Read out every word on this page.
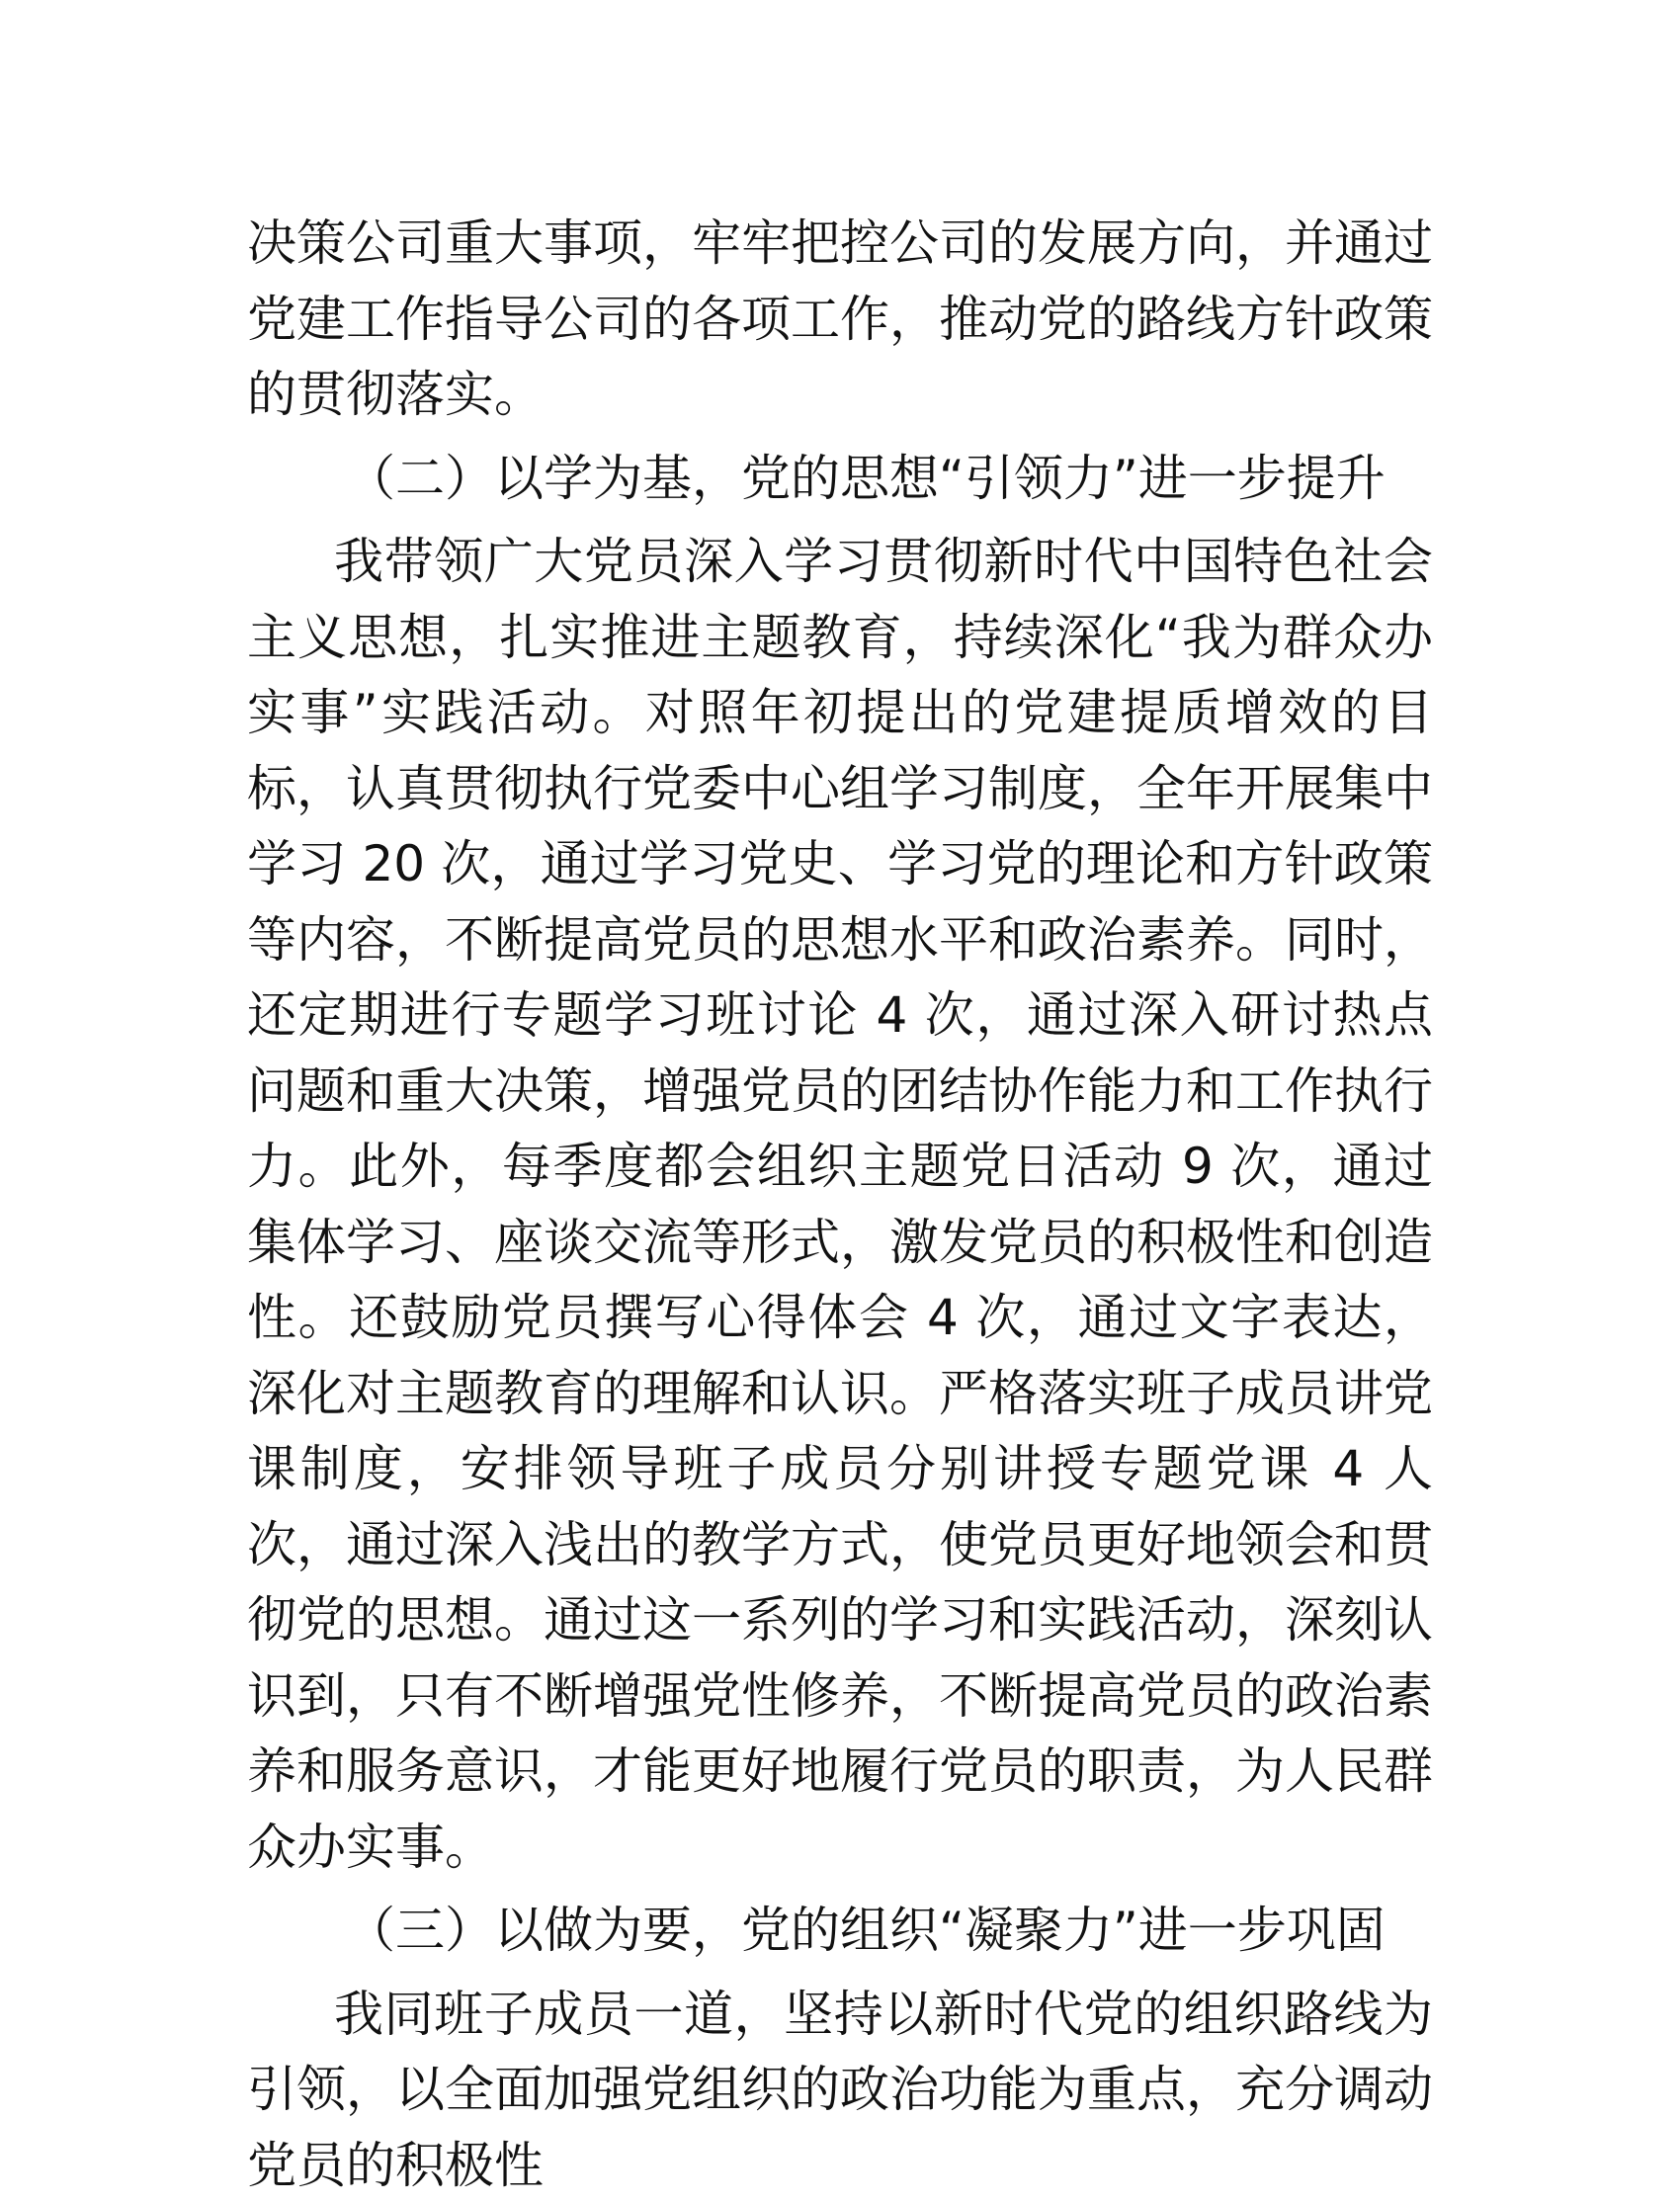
决策公司重大事项，牢牢把控公司的发展方向，并通过党建工作指导公司的各项工作，推动党的路线方针政策的贯彻落实。

（二）以学为基，党的思想“引领力”进一步提升

我带领广大党员深入学习贯彻新时代中国特色社会主义思想，扎实推进主题教育，持续深化“我为群众办实事”实践活动。对照年初提出的党建提质增效的目标，认真贯彻执行党委中心组学习制度，全年开展集中学习 20 次，通过学习党史、学习党的理论和方针政策等内容，不断提高党员的思想水平和政治素养。同时，还定期进行专题学习班讨论 4 次，通过深入研讨热点问题和重大决策，增强党员的团结协作能力和工作执行力。此外，每季度都会组织主题党日活动 9 次，通过集体学习、座谈交流等形式，激发党员的积极性和创造性。还鼓励党员撰写心得体会 4 次，通过文字表达，深化对主题教育的理解和认识。严格落实班子成员讲党课制度，安排领导班子成员分别讲授专题党课 4 人次，通过深入浅出的教学方式，使党员更好地领会和贯彻党的思想。通过这一系列的学习和实践活动，深刻认识到，只有不断增强党性修养，不断提高党员的政治素养和服务意识，才能更好地履行党员的职责，为人民群众办实事。

（三）以做为要，党的组织“凝聚力”进一步巩固

我同班子成员一道，坚持以新时代党的组织路线为引领，以全面加强党组织的政治功能为重点，充分调动党员的积极性
